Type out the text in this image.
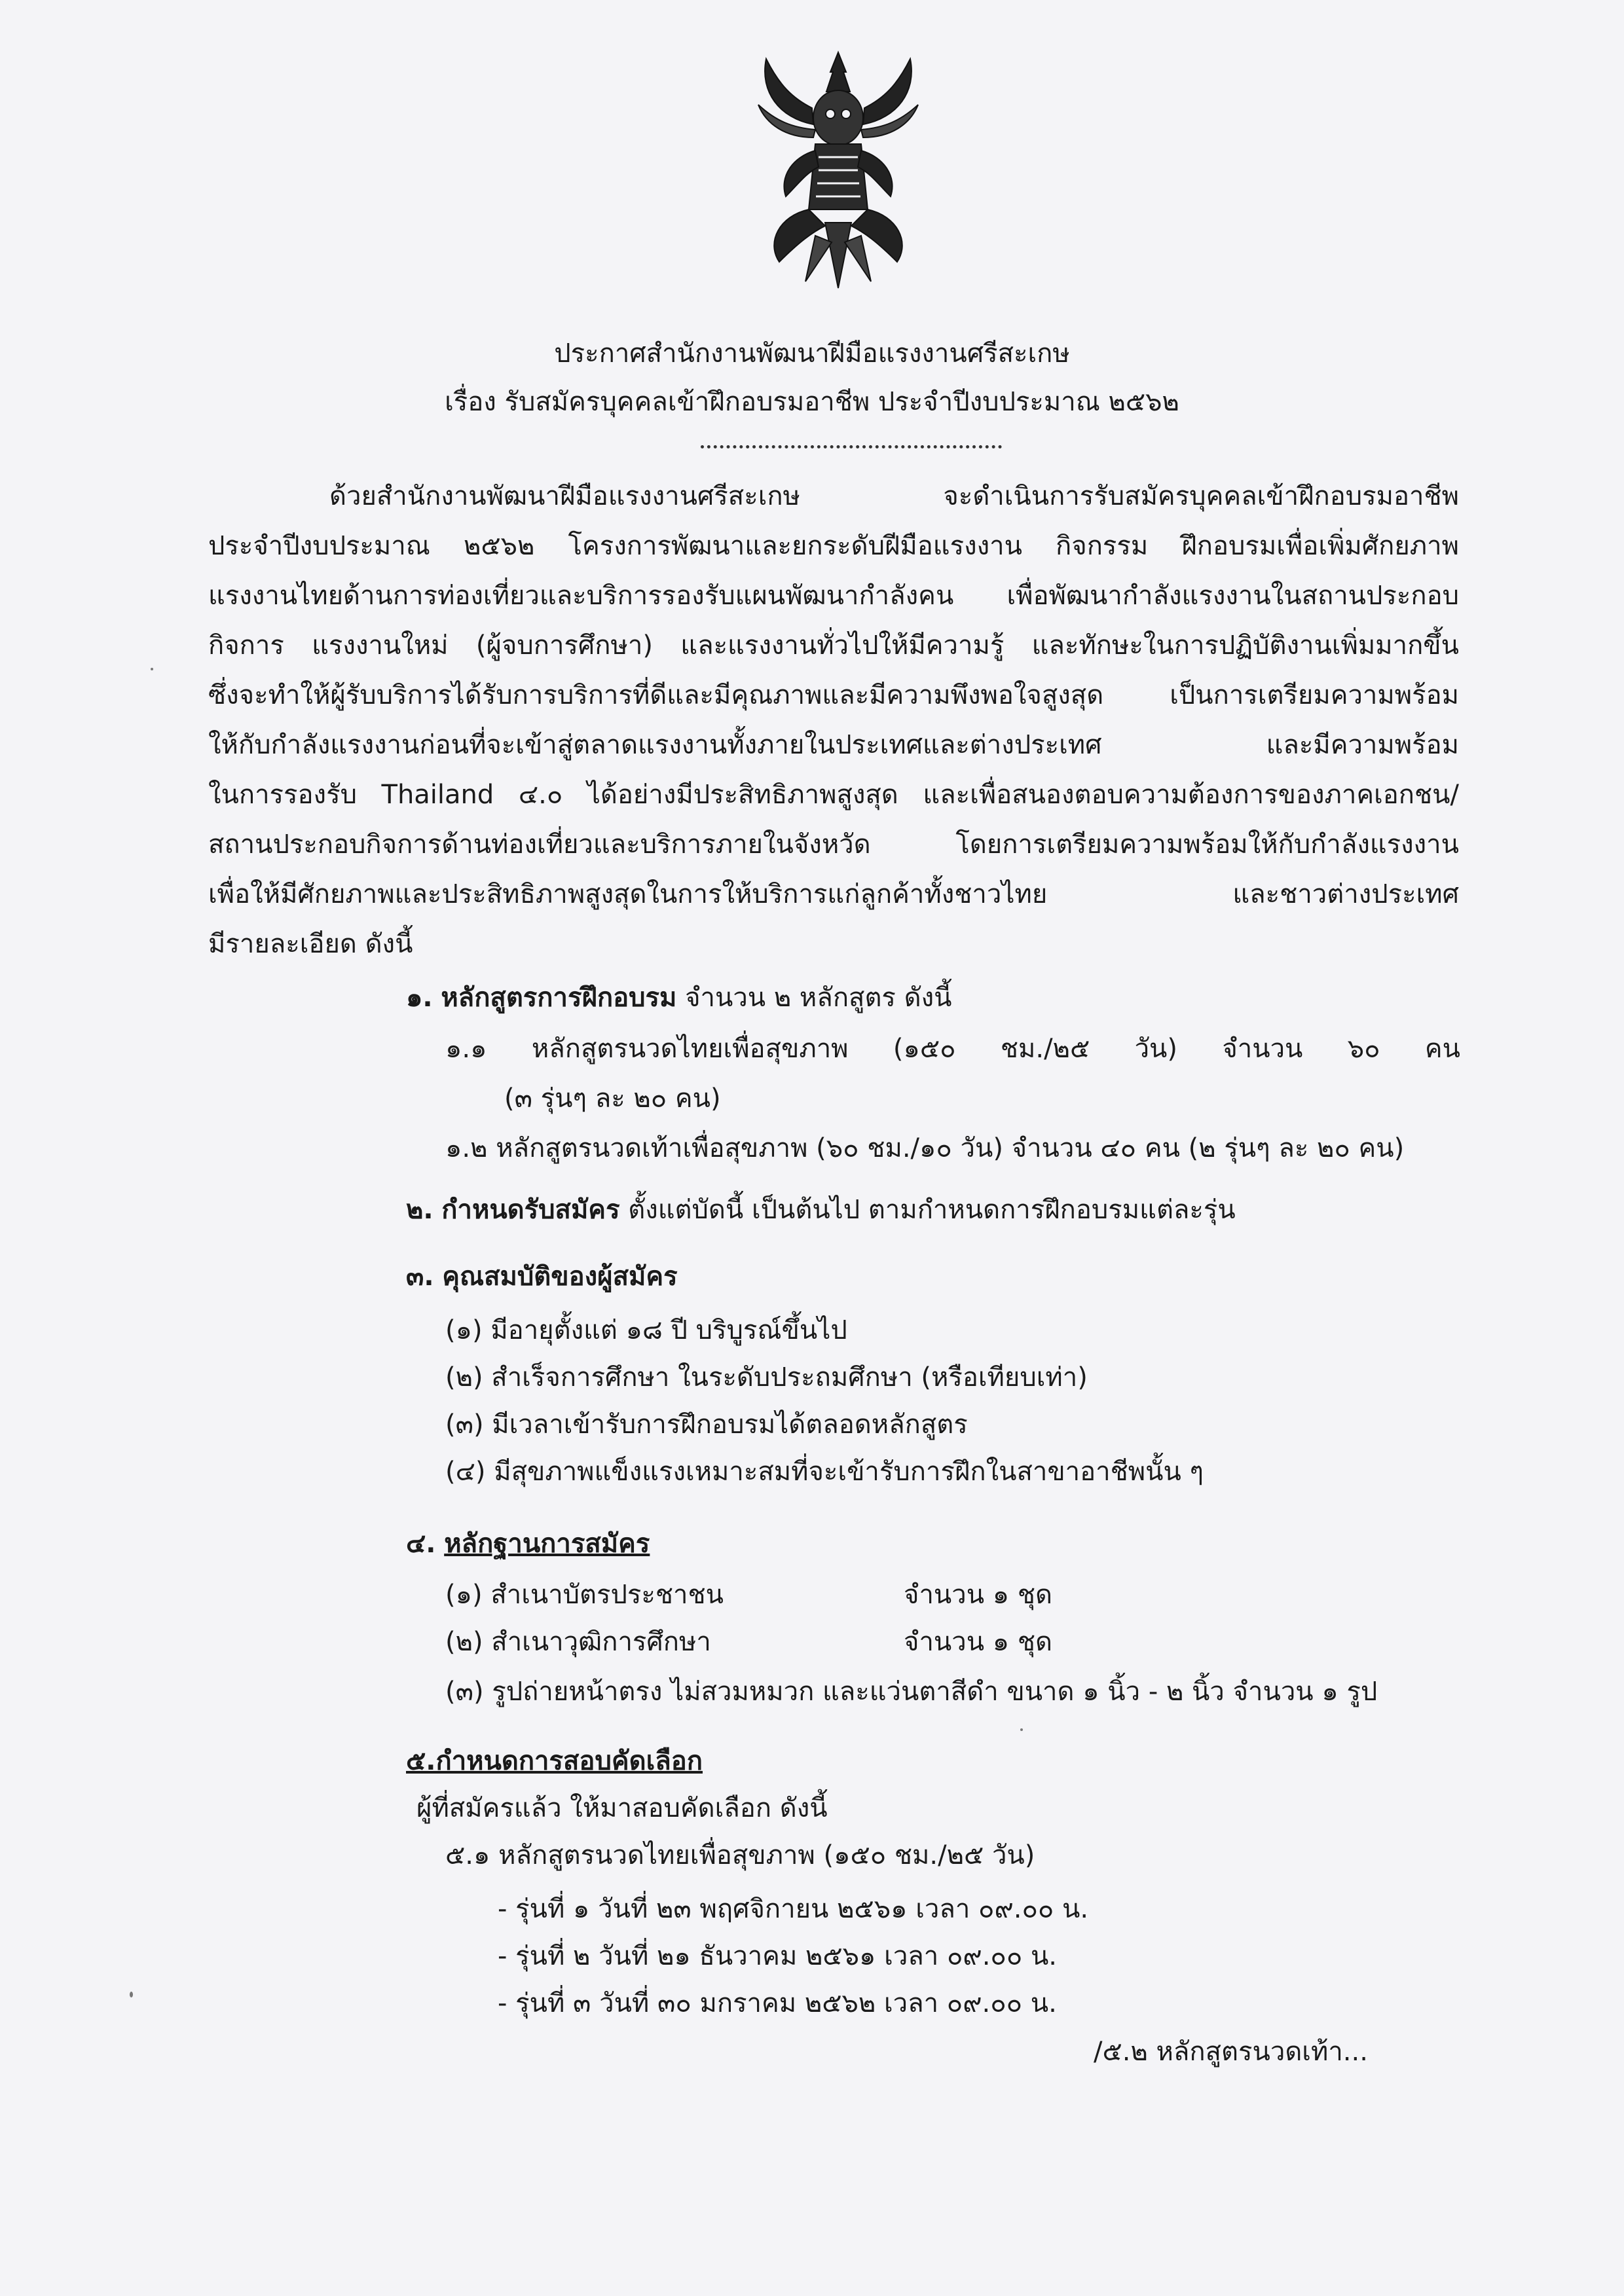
ประกาศสำนักงานพัฒนาฝีมือแรงงานศรีสะเกษ
เรื่อง รับสมัครบุคคลเข้าฝึกอบรมอาชีพ ประจำปีงบประมาณ ๒๕๖๒
ด้วยสำนักงานพัฒนาฝีมือแรงงานศรีสะเกษ จะดำเนินการรับสมัครบุคคลเข้าฝึกอบรมอาชีพ
ประจำปีงบประมาณ ๒๕๖๒ โครงการพัฒนาและยกระดับฝีมือแรงงาน กิจกรรม ฝึกอบรมเพื่อเพิ่มศักยภาพ
แรงงานไทยด้านการท่องเที่ยวและบริการรองรับแผนพัฒนากำลังคน เพื่อพัฒนากำลังแรงงานในสถานประกอบ
กิจการ แรงงานใหม่ (ผู้จบการศึกษา) และแรงงานทั่วไปให้มีความรู้ และทักษะในการปฏิบัติงานเพิ่มมากขึ้น
ซึ่งจะทำให้ผู้รับบริการได้รับการบริการที่ดีและมีคุณภาพและมีความพึงพอใจสูงสุด เป็นการเตรียมความพร้อม
ให้กับกำลังแรงงานก่อนที่จะเข้าสู่ตลาดแรงงานทั้งภายในประเทศและต่างประเทศ และมีความพร้อม
ในการรองรับ Thailand ๔.๐ ได้อย่างมีประสิทธิภาพสูงสุด และเพื่อสนองตอบความต้องการของภาคเอกชน/
สถานประกอบกิจการด้านท่องเที่ยวและบริการภายในจังหวัด โดยการเตรียมความพร้อมให้กับกำลังแรงงาน
เพื่อให้มีศักยภาพและประสิทธิภาพสูงสุดในการให้บริการแก่ลูกค้าทั้งชาวไทย และชาวต่างประเทศ
มีรายละเอียด ดังนี้
๑. หลักสูตรการฝึกอบรม จำนวน ๒ หลักสูตร ดังนี้
๑.๑ หลักสูตรนวดไทยเพื่อสุขภาพ (๑๕๐ ชม./๒๕ วัน) จำนวน ๖๐ คน
(๓ รุ่นๆ ละ ๒๐ คน)
๑.๒ หลักสูตรนวดเท้าเพื่อสุขภาพ (๖๐ ชม./๑๐ วัน) จำนวน ๔๐ คน (๒ รุ่นๆ ละ ๒๐ คน)
๒. กำหนดรับสมัคร ตั้งแต่บัดนี้ เป็นต้นไป ตามกำหนดการฝึกอบรมแต่ละรุ่น
๓. คุณสมบัติของผู้สมัคร
(๑) มีอายุตั้งแต่ ๑๘ ปี บริบูรณ์ขึ้นไป
(๒) สำเร็จการศึกษา ในระดับประถมศึกษา (หรือเทียบเท่า)
(๓) มีเวลาเข้ารับการฝึกอบรมได้ตลอดหลักสูตร
(๔) มีสุขภาพแข็งแรงเหมาะสมที่จะเข้ารับการฝึกในสาขาอาชีพนั้น ๆ
๔. หลักฐานการสมัคร
(๑) สำเนาบัตรประชาชน	จำนวน ๑ ชุด
(๒) สำเนาวุฒิการศึกษา	จำนวน ๑ ชุด
(๓) รูปถ่ายหน้าตรง ไม่สวมหมวก และแว่นตาสีดำ ขนาด ๑ นิ้ว - ๒ นิ้ว จำนวน ๑ รูป
๕.กำหนดการสอบคัดเลือก
ผู้ที่สมัครแล้ว ให้มาสอบคัดเลือก ดังนี้
๕.๑ หลักสูตรนวดไทยเพื่อสุขภาพ (๑๕๐ ชม./๒๕ วัน)
- รุ่นที่ ๑ วันที่ ๒๓ พฤศจิกายน ๒๕๖๑ เวลา ๐๙.๐๐ น.
- รุ่นที่ ๒ วันที่ ๒๑ ธันวาคม ๒๕๖๑ เวลา ๐๙.๐๐ น.
- รุ่นที่ ๓ วันที่ ๓๐ มกราคม ๒๕๖๒ เวลา ๐๙.๐๐ น.
/๕.๒ หลักสูตรนวดเท้า...
